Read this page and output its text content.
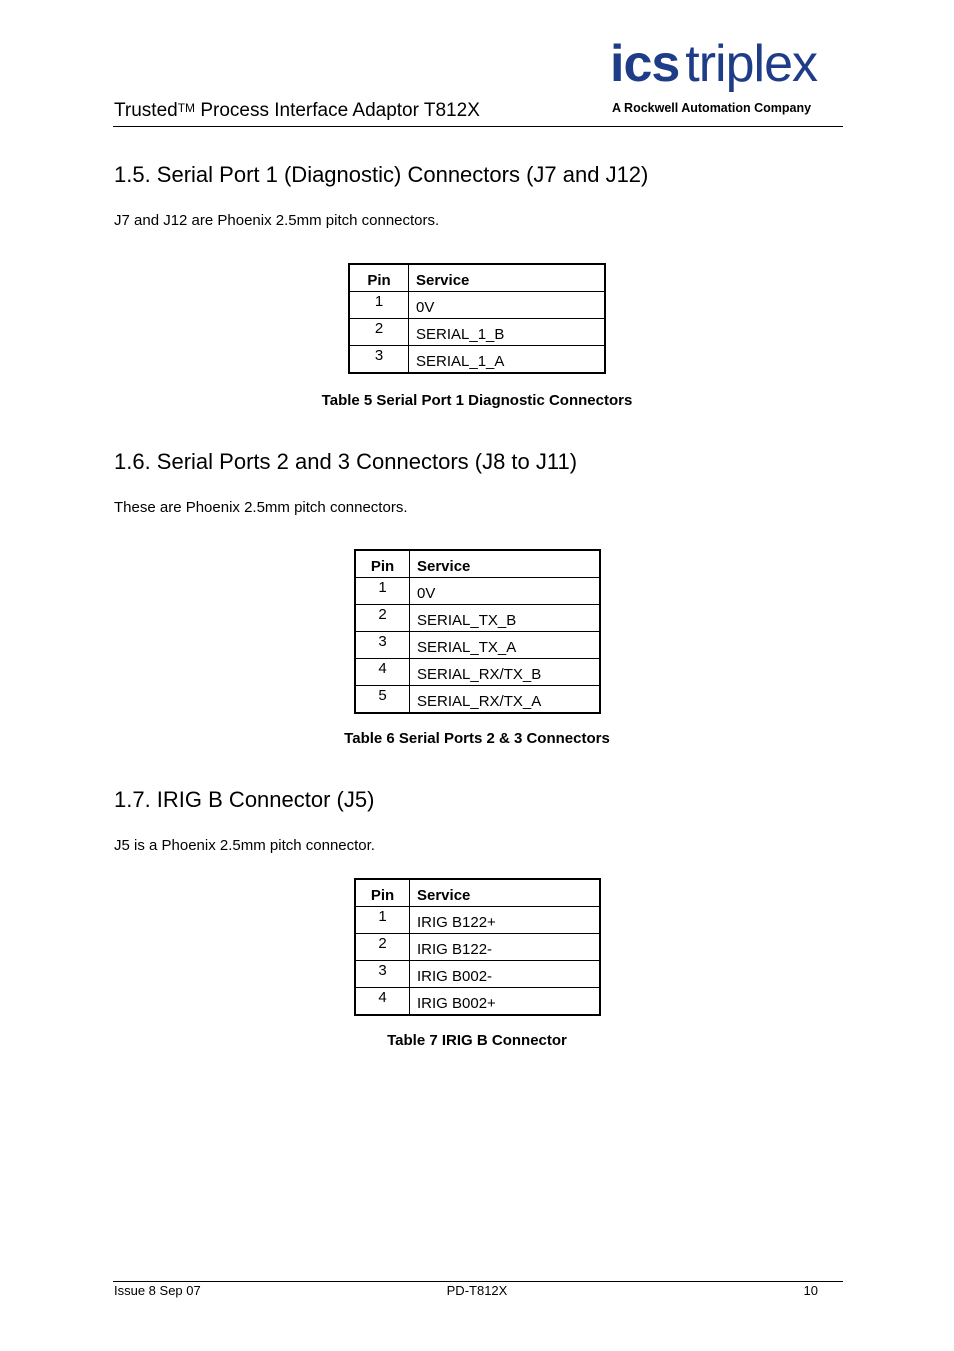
Trusted™ Process Interface Adaptor T812X
ics triplex
A Rockwell Automation Company
1.5. Serial Port 1 (Diagnostic) Connectors (J7 and J12)
J7 and J12 are Phoenix 2.5mm pitch connectors.
Pin	Service
1	0V
2	SERIAL_1_B
3	SERIAL_1_A
Table 5 Serial Port 1 Diagnostic Connectors
1.6. Serial Ports 2 and 3 Connectors (J8 to J11)
These are Phoenix 2.5mm pitch connectors.
Pin	Service
1	0V
2	SERIAL_TX_B
3	SERIAL_TX_A
4	SERIAL_RX/TX_B
5	SERIAL_RX/TX_A
Table 6 Serial Ports 2 & 3 Connectors
1.7. IRIG B Connector (J5)
J5 is a Phoenix 2.5mm pitch connector.
Pin	Service
1	IRIG B122+
2	IRIG B122-
3	IRIG B002-
4	IRIG B002+
Table 7 IRIG B Connector
Issue 8 Sep 07	PD-T812X	10
